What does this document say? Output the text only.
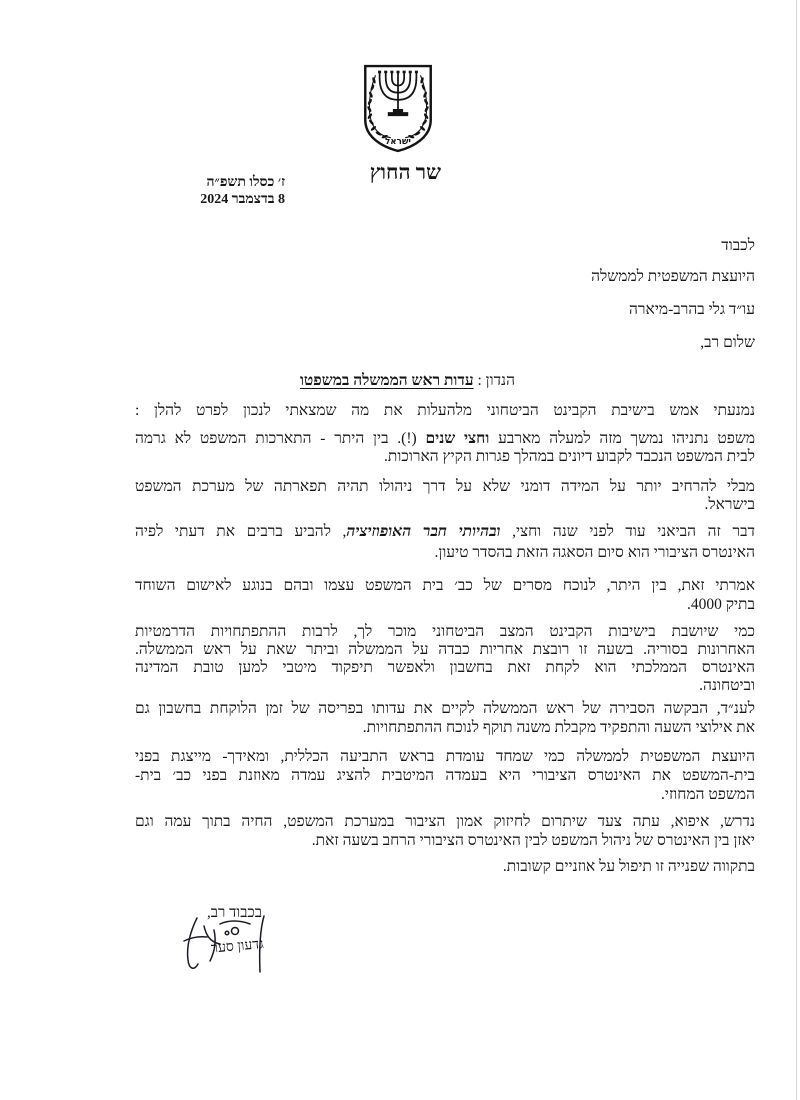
ישראל
שר החוץ
ז׳ כסלו תשפ״ה
8 בדצמבר 2024
לכבוד
היועצת המשפטית לממשלה
עו״ד גלי בהרב-מיארה
שלום רב,
הנדון : עדות ראש הממשלה במשפטו
נמנעתי אמש בישיבת הקבינט הביטחוני מלהעלות את מה שמצאתי לנכון לפרט להלן :
משפט נתניהו נמשך מזה למעלה מארבע וחצי שנים (!). בין היתר - התארכות המשפט לא גרמה
לבית המשפט הנכבד לקבוע דיונים במהלך פגרות הקיץ הארוכות.
מבלי להרחיב יותר על המידה דומני שלא על דרך ניהולו תהיה תפארתה של מערכת המשפט
בישראל.
דבר זה הביאני עוד לפני שנה וחצי, ובהיותי חבר האופוזיציה, להביע ברבים את דעתי לפיה
האינטרס הציבורי הוא סיום הסאגה הזאת בהסדר טיעון.
אמרתי זאת, בין היתר, לנוכח מסרים של כב׳ בית המשפט עצמו ובהם בנוגע לאישום השוחד
בתיק 4000.
כמי שיושבת בישיבות הקבינט המצב הביטחוני מוכר לך, לרבות ההתפתחויות הדרמטיות
האחרונות בסוריה. בשעה זו רובצת אחריות כבדה על הממשלה וביתר שאת על ראש הממשלה.
האינטרס הממלכתי הוא לקחת זאת בחשבון ולאפשר תיפקוד מיטבי למען טובת המדינה
וביטחונה.
לענ״ד, הבקשה הסבירה של ראש הממשלה לקיים את עדותו בפריסה של זמן הלוקחת בחשבון גם
את אילוצי השעה והתפקיד מקבלת משנה תוקף לנוכח ההתפתחויות.
היועצת המשפטית לממשלה כמי שמחד עומדת בראש התביעה הכללית, ומאידך- מייצגת בפני
בית-המשפט את האינטרס הציבורי היא בעמדה המיטבית להציג עמדה מאוזנת בפני כב׳ בית-
המשפט המחוזי.
נדרש, איפוא, עתה צעד שיתרום לחיזוק אמון הציבור במערכת המשפט, החיה בתוך עמה וגם
יאזן בין האינטרס של ניהול המשפט לבין האינטרס הציבורי הרחב בשעה זאת.
בתקווה שפנייה זו תיפול על אוזניים קשובות.
בכבוד רב,
גדעון סער
